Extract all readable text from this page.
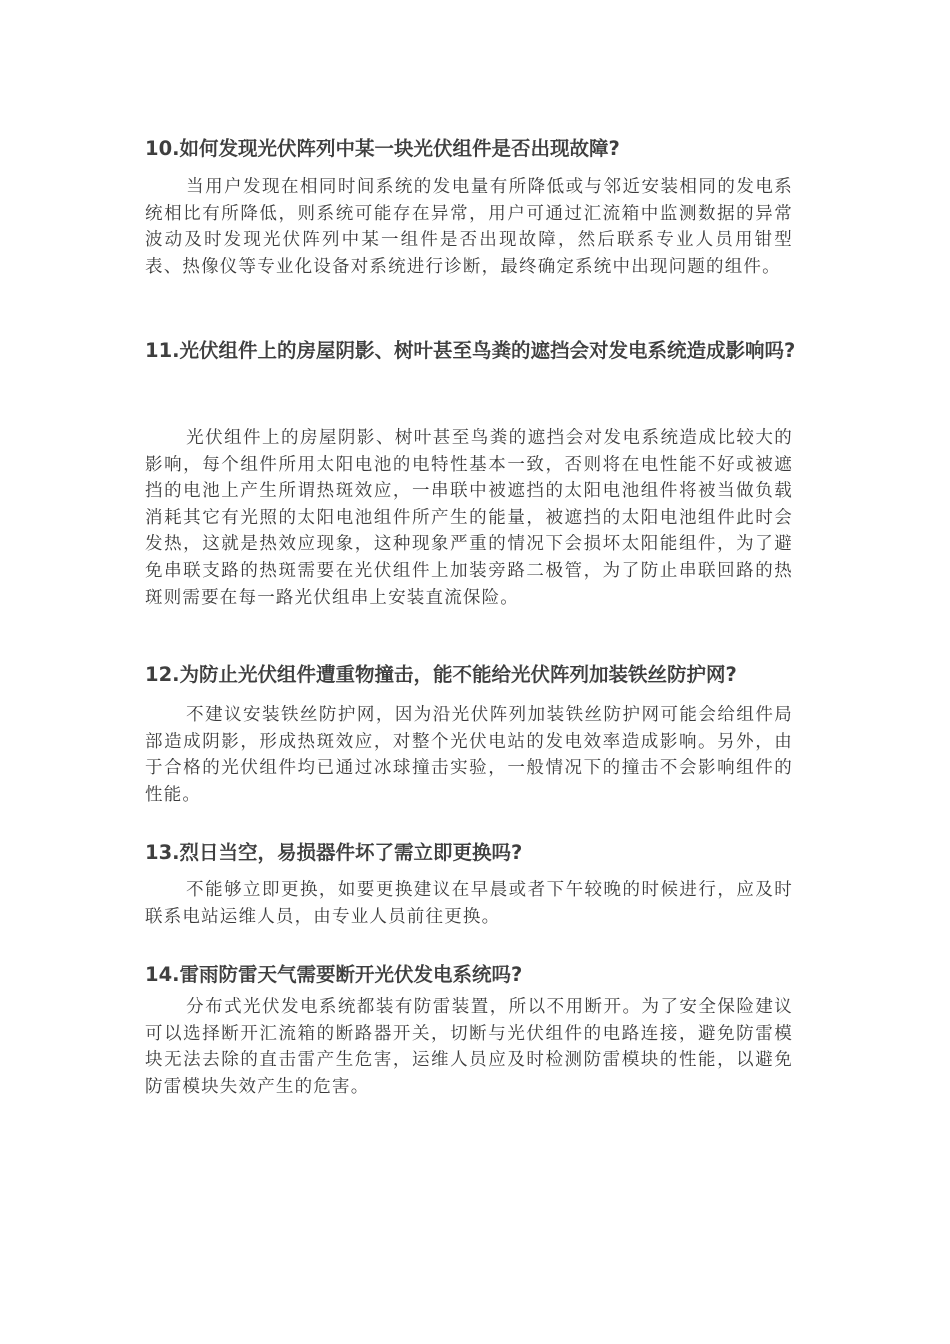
10.如何发现光伏阵列中某一块光伏组件是否出现故障?

当用户发现在相同时间系统的发电量有所降低或与邻近安装相同的发电系统相比有所降低，则系统可能存在异常，用户可通过汇流箱中监测数据的异常波动及时发现光伏阵列中某一组件是否出现故障，然后联系专业人员用钳型表、热像仪等专业化设备对系统进行诊断，最终确定系统中出现问题的组件。

11.光伏组件上的房屋阴影、树叶甚至鸟粪的遮挡会对发电系统造成影响吗?

光伏组件上的房屋阴影、树叶甚至鸟粪的遮挡会对发电系统造成比较大的影响，每个组件所用太阳电池的电特性基本一致，否则将在电性能不好或被遮挡的电池上产生所谓热斑效应，一串联中被遮挡的太阳电池组件将被当做负载消耗其它有光照的太阳电池组件所产生的能量，被遮挡的太阳电池组件此时会发热，这就是热效应现象，这种现象严重的情况下会损坏太阳能组件，为了避免串联支路的热斑需要在光伏组件上加装旁路二极管，为了防止串联回路的热斑则需要在每一路光伏组串上安装直流保险。

12.为防止光伏组件遭重物撞击，能不能给光伏阵列加装铁丝防护网?

不建议安装铁丝防护网，因为沿光伏阵列加装铁丝防护网可能会给组件局部造成阴影，形成热斑效应，对整个光伏电站的发电效率造成影响。另外，由于合格的光伏组件均已通过冰球撞击实验，一般情况下的撞击不会影响组件的性能。

13.烈日当空，易损器件坏了需立即更换吗?

不能够立即更换，如要更换建议在早晨或者下午较晚的时候进行，应及时联系电站运维人员，由专业人员前往更换。

14.雷雨防雷天气需要断开光伏发电系统吗?

分布式光伏发电系统都装有防雷装置，所以不用断开。为了安全保险建议可以选择断开汇流箱的断路器开关，切断与光伏组件的电路连接，避免防雷模块无法去除的直击雷产生危害，运维人员应及时检测防雷模块的性能，以避免防雷模块失效产生的危害。
